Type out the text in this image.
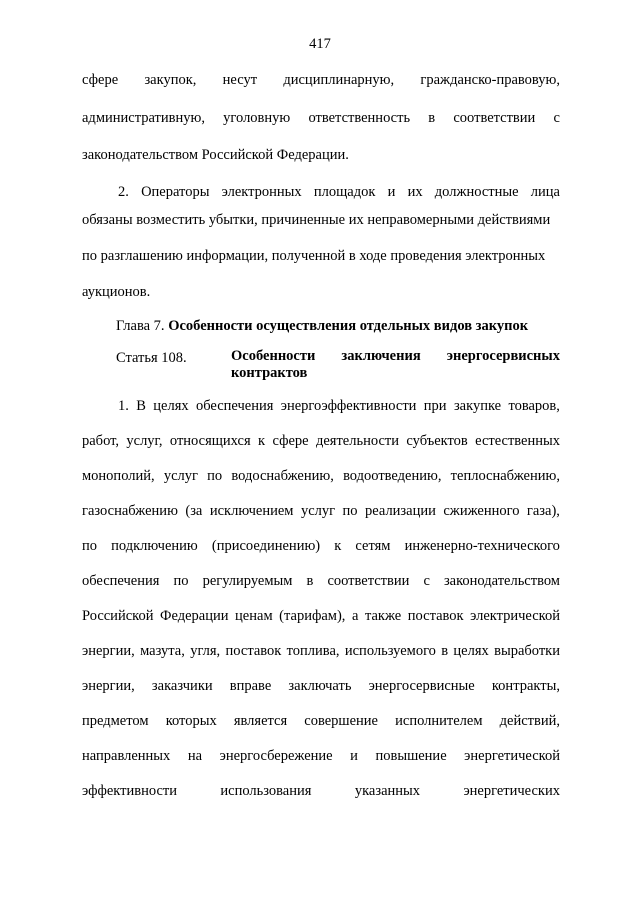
417
сфере закупок, несут дисциплинарную, гражданско-правовую,
административную, уголовную ответственность в соответствии с
законодательством Российской Федерации.
2. Операторы электронных площадок и их должностные лица
обязаны возместить убытки, причиненные их неправомерными действиями
по разглашению информации, полученной в ходе проведения электронных
аукционов.
Глава 7. Особенности осуществления отдельных видов закупок
Статья 108.	Особенности заключения энергосервисных
контрактов
1. В целях обеспечения энергоэффективности при закупке товаров,
работ, услуг, относящихся к сфере деятельности субъектов естественных
монополий, услуг по водоснабжению, водоотведению, теплоснабжению,
газоснабжению (за исключением услуг по реализации сжиженного газа),
по подключению (присоединению) к сетям инженерно-технического
обеспечения по регулируемым в соответствии с законодательством
Российской Федерации ценам (тарифам), а также поставок электрической
энергии, мазута, угля, поставок топлива, используемого в целях выработки
энергии, заказчики вправе заключать энергосервисные контракты,
предметом которых является совершение исполнителем действий,
направленных на энергосбережение и повышение энергетической
эффективности	использования	указанных	энергетических
